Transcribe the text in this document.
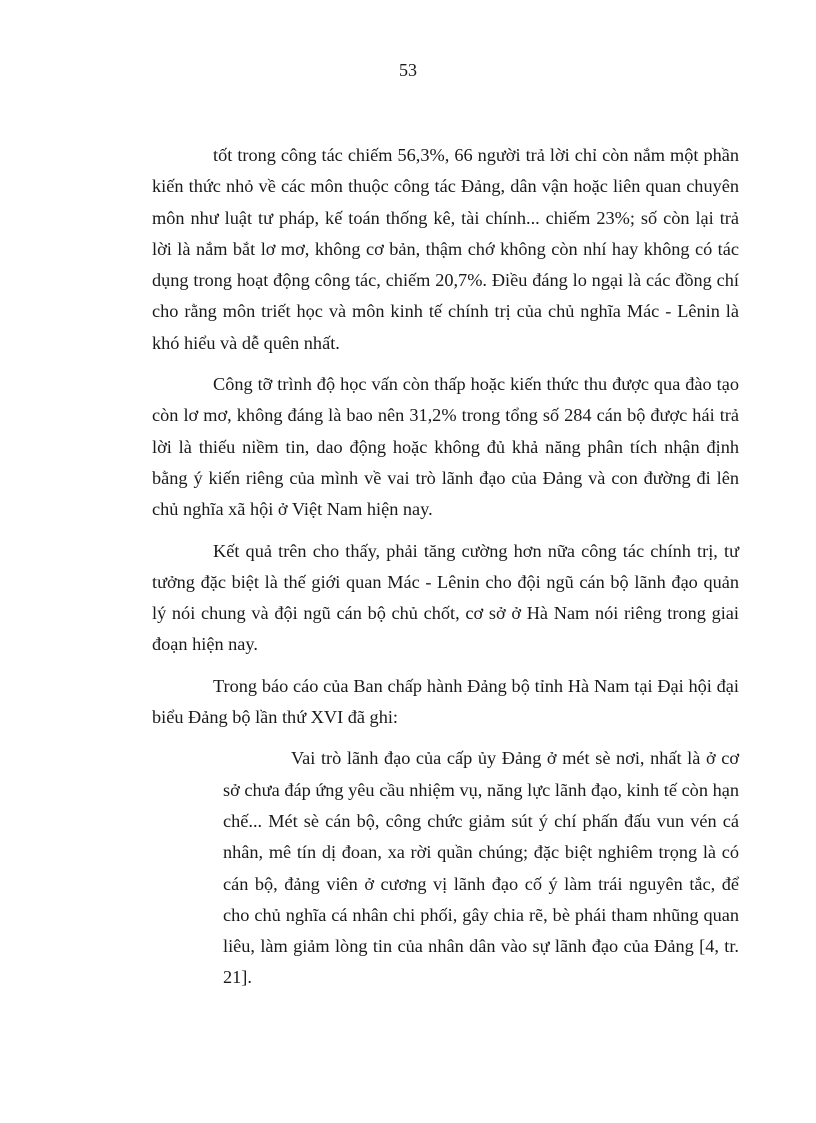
53

tốt trong công tác chiếm 56,3%, 66 người trả lời chỉ còn nắm một phần kiến thức nhỏ về các môn thuộc công tác Đảng, dân vận hoặc liên quan chuyên môn như luật tư pháp, kế toán thống kê, tài chính... chiếm 23%; số còn lại trả lời là nắm bắt lơ mơ, không cơ bản, thậm chớ không còn nhí hay không có tác dụng trong hoạt động công tác, chiếm 20,7%. Điều đáng lo ngại là các đồng chí cho rằng môn triết học và môn kinh tế chính trị của chủ nghĩa Mác - Lênin là khó hiểu và dễ quên nhất.

Công tỡ trình độ học vấn còn thấp hoặc kiến thức thu được qua đào tạo còn lơ mơ, không đáng là bao nên 31,2% trong tổng số 284 cán bộ được hái trả lời là thiếu niềm tin, dao động hoặc không đủ khả năng phân tích nhận định bằng ý kiến riêng của mình về vai trò lãnh đạo của Đảng và con đường đi lên chủ nghĩa xã hội ở Việt Nam hiện nay.

Kết quả trên cho thấy, phải tăng cường hơn nữa công tác chính trị, tư tưởng đặc biệt là thế giới quan Mác - Lênin cho đội ngũ cán bộ lãnh đạo quản lý nói chung và đội ngũ cán bộ chủ chốt, cơ sở ở Hà Nam nói riêng trong giai đoạn hiện nay.

Trong báo cáo của Ban chấp hành Đảng bộ tỉnh Hà Nam tại Đại hội đại biểu Đảng bộ lần thứ XVI đã ghi:

Vai trò lãnh đạo của cấp ủy Đảng ở mét sè nơi, nhất là ở cơ sở chưa đáp ứng yêu cầu nhiệm vụ, năng lực lãnh đạo, kinh tế còn hạn chế... Mét sè cán bộ, công chức giảm sút ý chí phấn đấu vun vén cá nhân, mê tín dị đoan, xa rời quần chúng; đặc biệt nghiêm trọng là có cán bộ, đảng viên ở cương vị lãnh đạo cố ý làm trái nguyên tắc, để cho chủ nghĩa cá nhân chi phối, gây chia rẽ, bè phái tham nhũng quan liêu, làm giảm lòng tin của nhân dân vào sự lãnh đạo của Đảng [4, tr. 21].
